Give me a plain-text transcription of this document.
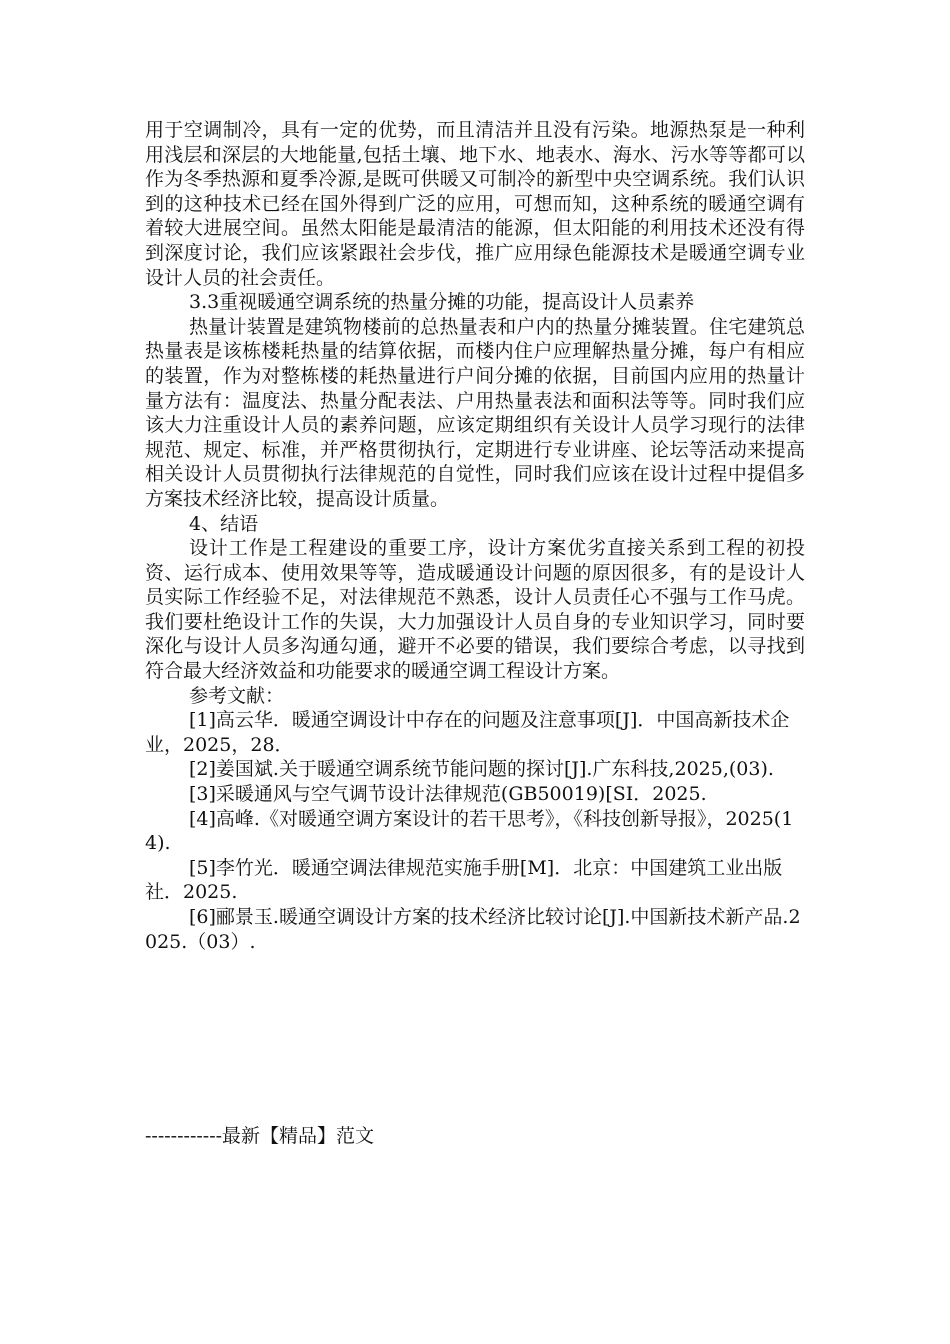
用于空调制冷，具有一定的优势，而且清洁并且没有污染。地源热泵是一种利用浅层和深层的大地能量,包括土壤、地下水、地表水、海水、污水等等都可以作为冬季热源和夏季冷源,是既可供暖又可制冷的新型中央空调系统。我们认识到的这种技术已经在国外得到广泛的应用，可想而知，这种系统的暖通空调有着较大进展空间。虽然太阳能是最清洁的能源，但太阳能的利用技术还没有得到深度讨论，我们应该紧跟社会步伐，推广应用绿色能源技术是暖通空调专业设计人员的社会责任。

3.3重视暖通空调系统的热量分摊的功能，提高设计人员素养

热量计装置是建筑物楼前的总热量表和户内的热量分摊装置。住宅建筑总热量表是该栋楼耗热量的结算依据，而楼内住户应理解热量分摊，每户有相应的装置，作为对整栋楼的耗热量进行户间分摊的依据，目前国内应用的热量计量方法有：温度法、热量分配表法、户用热量表法和面积法等等。同时我们应该大力注重设计人员的素养问题，应该定期组织有关设计人员学习现行的法律规范、规定、标准，并严格贯彻执行，定期进行专业讲座、论坛等活动来提高相关设计人员贯彻执行法律规范的自觉性，同时我们应该在设计过程中提倡多方案技术经济比较，提高设计质量。

4、结语

设计工作是工程建设的重要工序，设计方案优劣直接关系到工程的初投资、运行成本、使用效果等等，造成暖通设计问题的原因很多，有的是设计人员实际工作经验不足，对法律规范不熟悉，设计人员责任心不强与工作马虎。我们要杜绝设计工作的失误，大力加强设计人员自身的专业知识学习，同时要深化与设计人员多沟通勾通，避开不必要的错误，我们要综合考虑，以寻找到符合最大经济效益和功能要求的暖通空调工程设计方案。

参考文献：

[1]高云华．暖通空调设计中存在的问题及注意事项[J]．中国高新技术企业，2025，28．

[2]姜国斌.关于暖通空调系统节能问题的探讨[J].广东科技,2025,(03).

[3]采暖通风与空气调节设计法律规范(GB50019)[SI．2025.

[4]高峰.《对暖通空调方案设计的若干思考》，《科技创新导报》，2025(14).

[5]李竹光．暖通空调法律规范实施手册[M]．北京：中国建筑工业出版社．2025.

[6]郦景玉.暖通空调设计方案的技术经济比较讨论[J].中国新技术新产品.2025.（03）.

------------最新【精品】范文
